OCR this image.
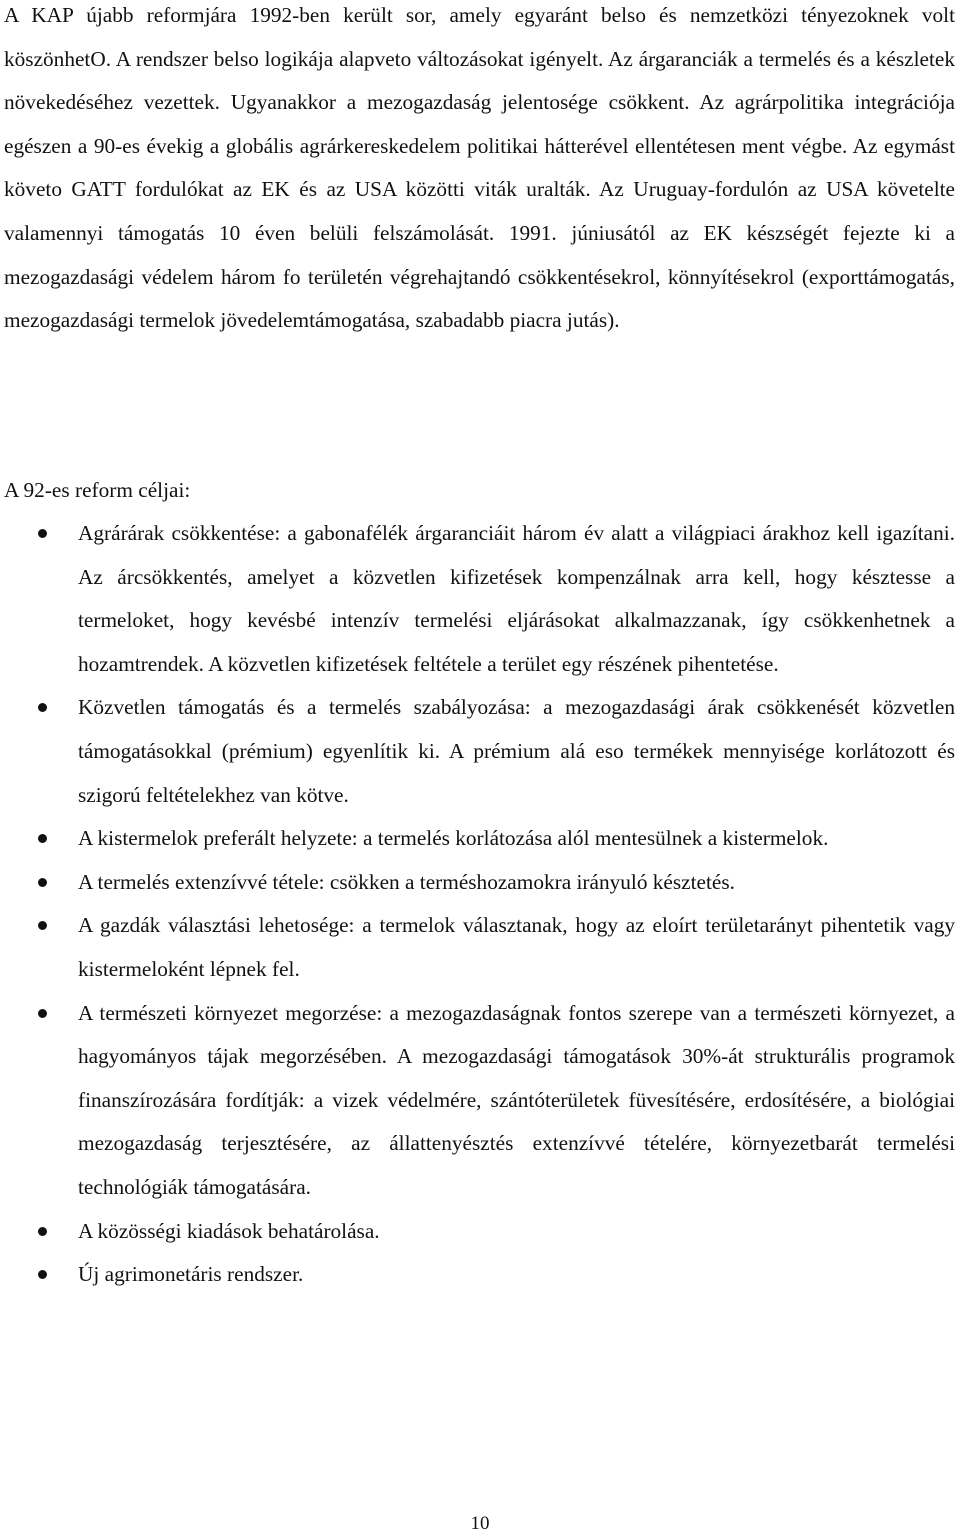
A KAP újabb reformjára 1992-ben került sor, amely egyaránt belso és nemzetközi tényezoknek volt köszönhetO. A rendszer belso logikája alapveto változásokat igényelt. Az árgaranciák a termelés és a készletek növekedéséhez vezettek. Ugyanakkor a mezogazdaság jelentosége csökkent. Az agrárpolitika integrációja egészen a 90-es évekig a globális agrárkereskedelem politikai hátterével ellentétesen ment végbe. Az egymást követo GATT fordulókat az EK és az USA közötti viták uralták. Az Uruguay-fordulón az USA követelte valamennyi támogatás 10 éven belüli felszámolását. 1991. júniusától az EK készségét fejezte ki a mezogazdasági védelem három fo területén végrehajtandó csökkentésekrol, könnyítésekrol (exporttámogatás, mezogazdasági termelok jövedelemtámogatása, szabadabb piacra jutás).

A 92-es reform céljai:

Agrárárak csökkentése: a gabonafélék árgaranciáit három év alatt a világpiaci árakhoz kell igazítani. Az árcsökkentés, amelyet a közvetlen kifizetések kompenzálnak arra kell, hogy késztesse a termeloket, hogy kevésbé intenzív termelési eljárásokat alkalmazzanak, így csökkenhetnek a hozamtrendek. A közvetlen kifizetések feltétele a terület egy részének pihentetése.
Közvetlen támogatás és a termelés szabályozása: a mezogazdasági árak csökkenését közvetlen támogatásokkal (prémium) egyenlítik ki. A prémium alá eso termékek mennyisége korlátozott és szigorú feltételekhez van kötve.
A kistermelok preferált helyzete: a termelés korlátozása alól mentesülnek a kistermelok.
A termelés extenzívvé tétele: csökken a terméshozamokra irányuló késztetés.
A gazdák választási lehetosége: a termelok választanak, hogy az eloírt területarányt pihentetik vagy kistermeloként lépnek fel.
A természeti környezet megorzése: a mezogazdaságnak fontos szerepe van a természeti környezet, a hagyományos tájak megorzésében. A mezogazdasági támogatások 30%-át strukturális programok finanszírozására fordítják: a vizek védelmére, szántóterületek füvesítésére, erdosítésére, a biológiai mezogazdaság terjesztésére, az állattenyésztés extenzívvé tételére, környezetbarát termelési technológiák támogatására.
A közösségi kiadások behatárolása.
Új agrimonetáris rendszer.
10
